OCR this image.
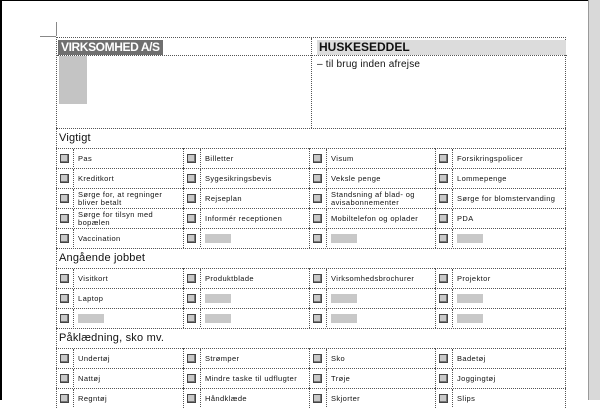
VIRKSOMHED A/S	HUSKESEDDEL
– til brug inden afrejse
Vigtigt
Pas	Billetter	Visum	Forsikringspolicer
Kreditkort	Sygesikringsbevis	Veksle penge	Lommepenge
Sørge for, at regninger bliver betalt	Rejseplan	Standsning af blad- og avisabonnementer	Sørge for blomstervanding
Sørge for tilsyn med bopælen	Informér receptionen	Mobiltelefon og oplader	PDA
Vaccination
Angående jobbet
Visitkort	Produktblade	Virksomhedsbrochurer	Projektor
Laptop
Påklædning, sko mv.
Undertøj	Strømper	Sko	Badetøj
Nattøj	Mindre taske til udflugter	Trøje	Joggingtøj
Regntøj	Håndklæde	Skjorter	Slips
